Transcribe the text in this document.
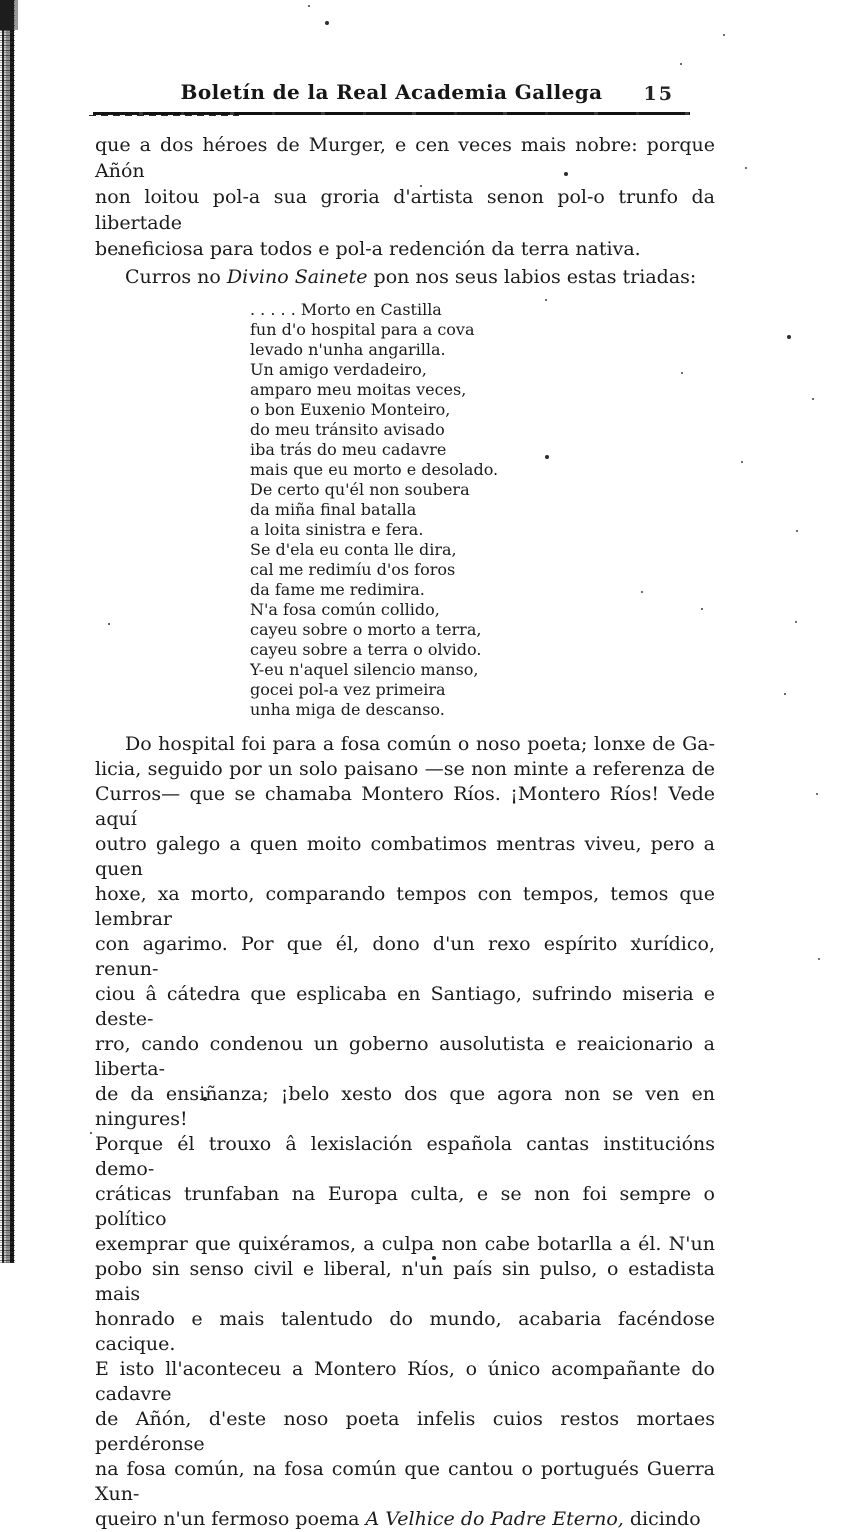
Boletín de la Real Academia Gallega	15
que a dos héroes de Murger, e cen veces mais nobre: porque Añón
non loitou pol-a sua groria d'artista senon pol-o trunfo da libertade
beneficiosa para todos e pol-a redención da terra nativa.
Curros no Divino Sainete pon nos seus labios estas triadas:
. . . . . Morto en Castilla
fun d'o hospital para a cova
levado n'unha angarilla.
Un amigo verdadeiro,
amparo meu moitas veces,
o bon Euxenio Monteiro,
do meu tránsito avisado
iba trás do meu cadavre
mais que eu morto e desolado.
De certo qu'él non soubera
da miña final batalla
a loita sinistra e fera.
Se d'ela eu conta lle dira,
cal me redimíu d'os foros
da fame me redimira.
N'a fosa común collido,
cayeu sobre o morto a terra,
cayeu sobre a terra o olvido.
Y-eu n'aquel silencio manso,
gocei pol-a vez primeira
unha miga de descanso.
Do hospital foi para a fosa común o noso poeta; lonxe de Ga-
licia, seguido por un solo paisano —se non minte a referenza de
Curros— que se chamaba Montero Ríos. ¡Montero Ríos! Vede aquí
outro galego a quen moito combatimos mentras viveu, pero a quen
hoxe, xa morto, comparando tempos con tempos, temos que lembrar
con agarimo. Por que él, dono d'un rexo espírito xurídico, renun-
ciou â cátedra que esplicaba en Santiago, sufrindo miseria e deste-
rro, cando condenou un goberno ausolutista e reaicionario a liberta-
de da ensiñanza; ¡belo xesto dos que agora non se ven en ningures!
Porque él trouxo â lexislación española cantas institucións demo-
cráticas trunfaban na Europa culta, e se non foi sempre o político
exemprar que quixéramos, a culpa non cabe botarlla a él. N'un
pobo sin senso civil e liberal, n'un país sin pulso, o estadista mais
honrado e mais talentudo do mundo, acabaria facéndose cacique.
E isto ll'aconteceu a Montero Ríos, o único acompañante do cadavre
de Añón, d'este noso poeta infelis cuios restos mortaes perdéronse
na fosa común, na fosa común que cantou o portugués Guerra Xun-
queiro n'un fermoso poema A Velhice do Padre Eterno, dicindo
